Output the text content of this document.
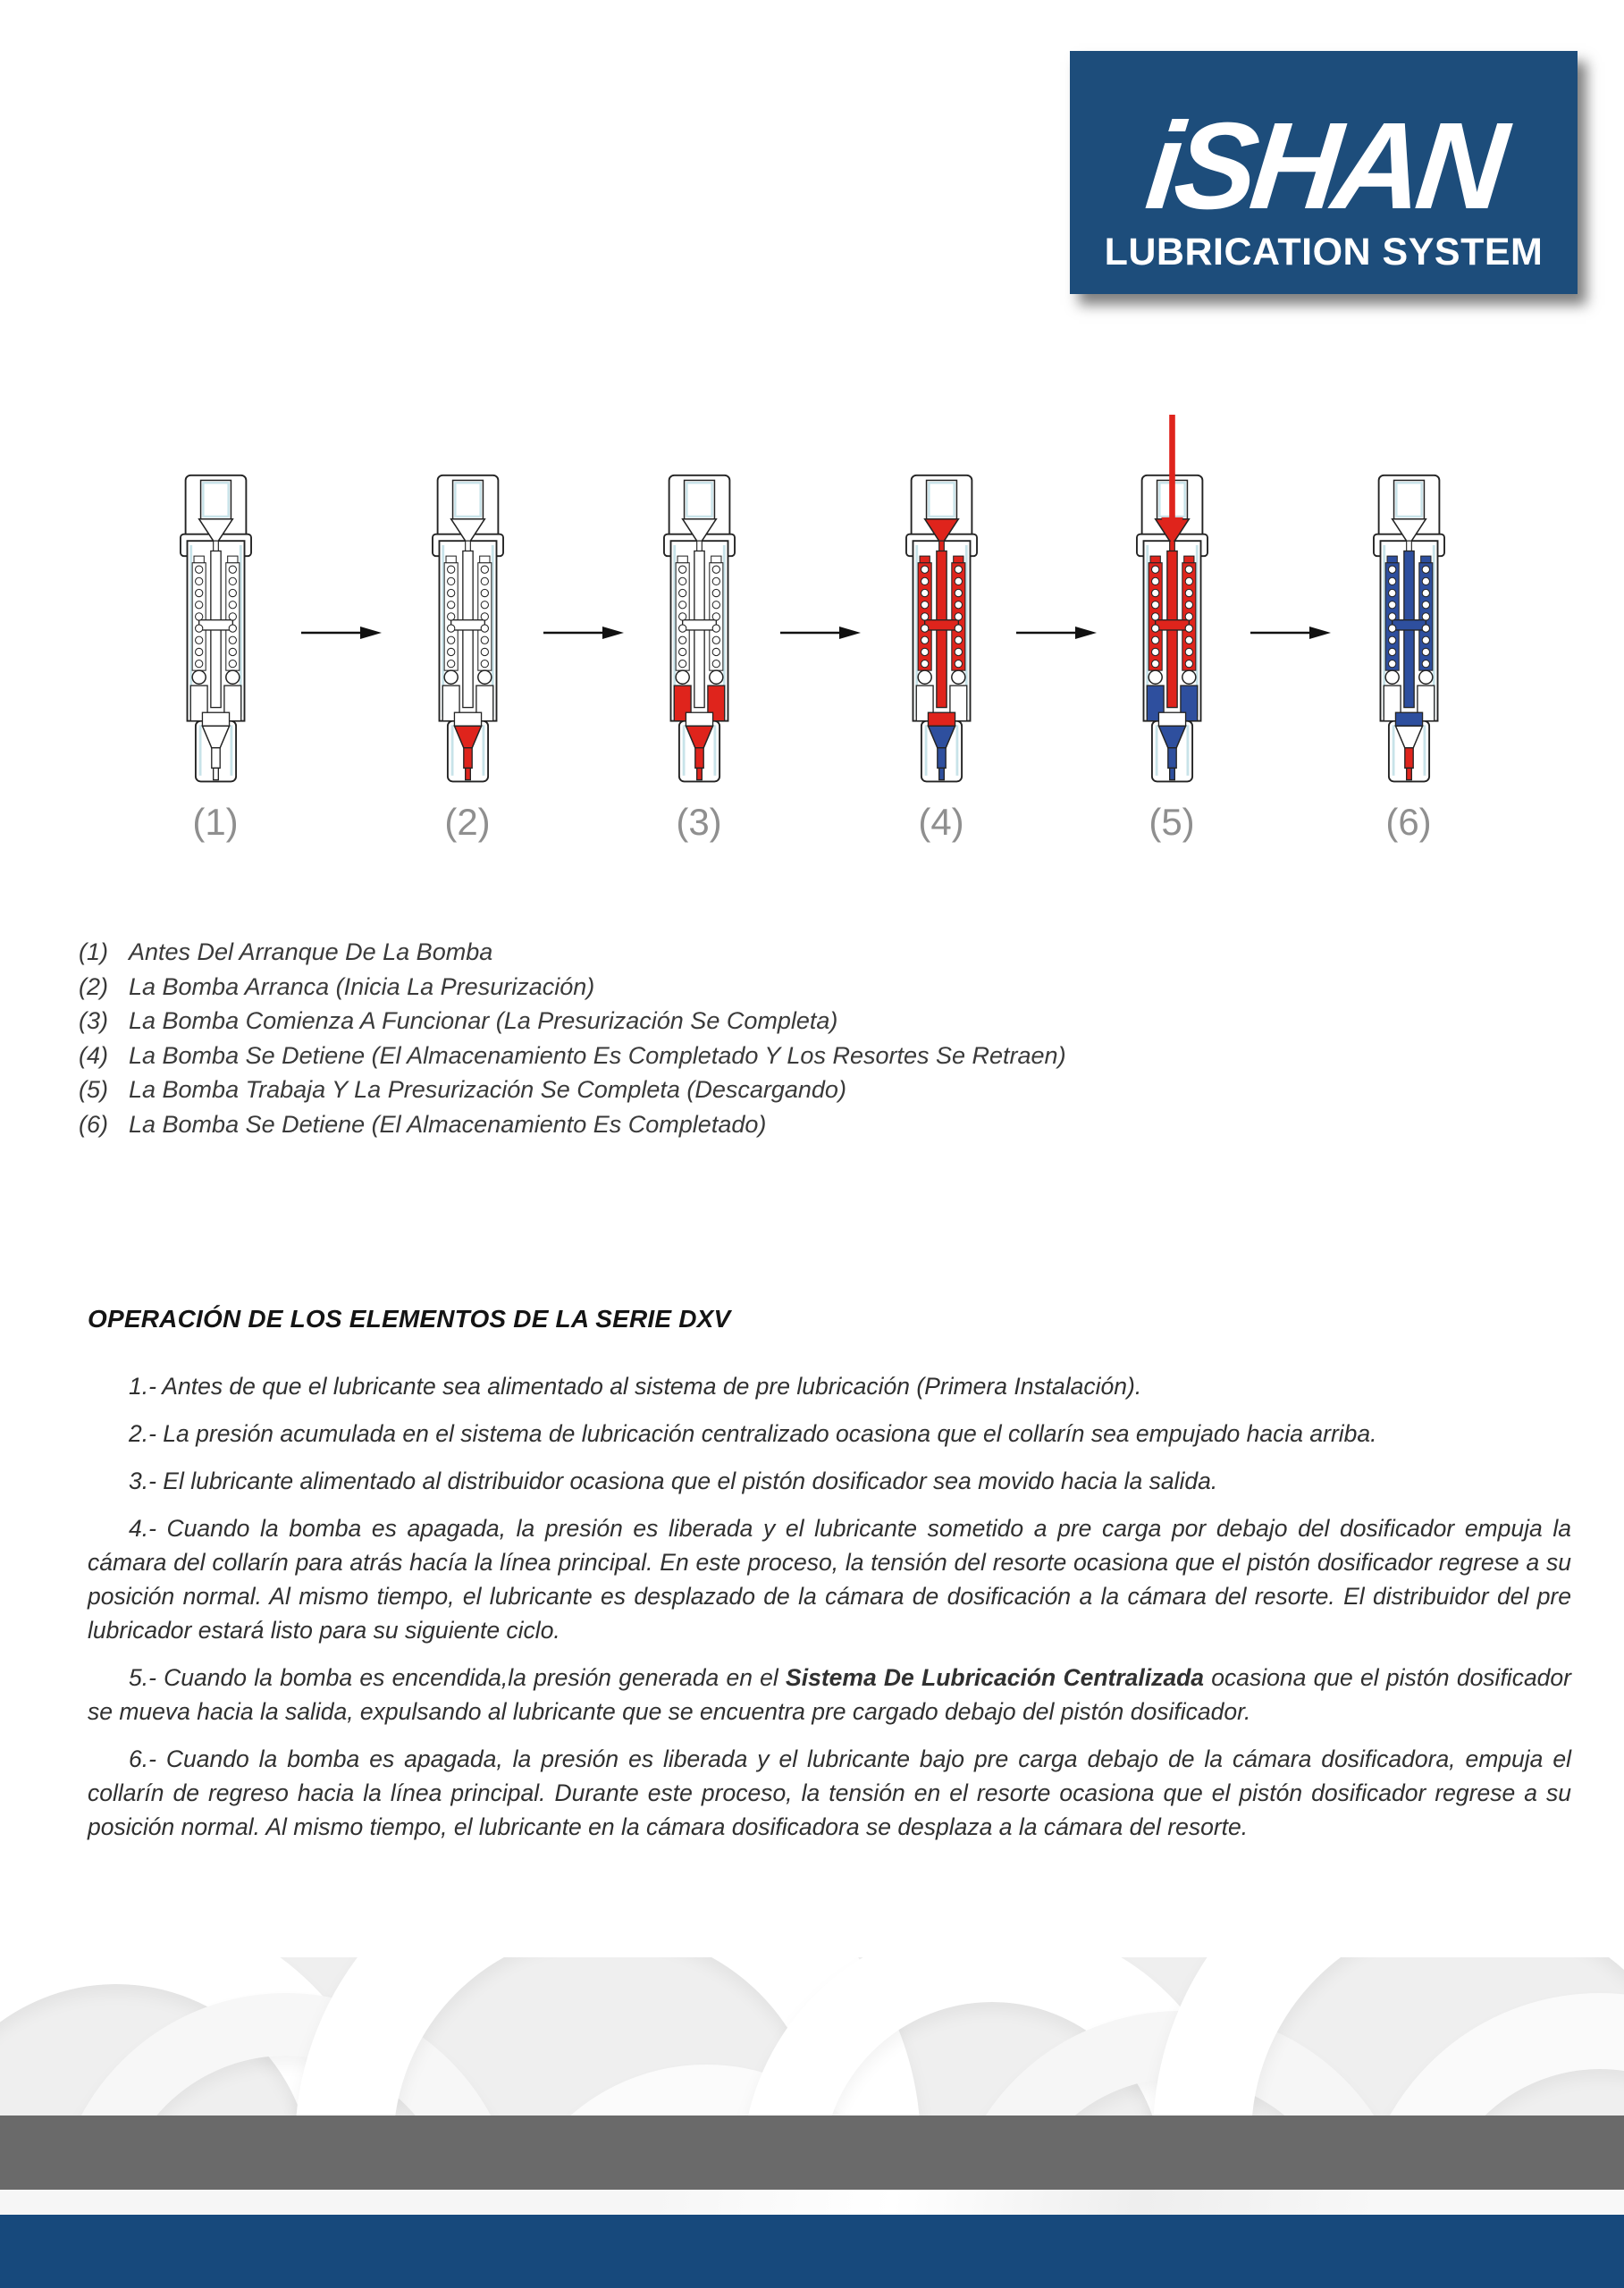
iSHAN
LUBRICATION SYSTEM
(1)	(2)	(3)	(4)	(5)	(6)
(1) Antes Del Arranque De La Bomba
(2) La Bomba Arranca (Inicia La Presurización)
(3) La Bomba Comienza A Funcionar (La Presurización Se Completa)
(4) La Bomba Se Detiene (El Almacenamiento Es Completado Y Los Resortes Se Retraen)
(5) La Bomba Trabaja Y La Presurización Se Completa (Descargando)
(6) La Bomba Se Detiene (El Almacenamiento Es Completado)
OPERACIÓN DE LOS ELEMENTOS DE LA SERIE DXV

1.- Antes de que el lubricante sea alimentado al sistema de pre lubricación (Primera Instalación).

2.- La presión acumulada en el sistema de lubricación centralizado ocasiona que el collarín sea empujado hacia arriba.

3.- El lubricante alimentado al distribuidor ocasiona que el pistón dosificador sea movido hacia la salida.

4.- Cuando la bomba es apagada, la presión es liberada y el lubricante sometido a pre carga por debajo del dosificador empuja la cámara del collarín para atrás hacía la línea principal. En este proceso, la tensión del resorte ocasiona que el pistón dosificador regrese a su posición normal. Al mismo tiempo, el lubricante es desplazado de la cámara de dosificación a la cámara del resorte. El distribuidor del pre lubricador estará listo para su siguiente ciclo.

5.- Cuando la bomba es encendida,la presión generada en el Sistema De Lubricación Centralizada ocasiona que el pistón dosificador se mueva hacia la salida, expulsando al lubricante que se encuentra pre cargado debajo del pistón dosificador.

6.- Cuando la bomba es apagada, la presión es liberada y el lubricante bajo pre carga debajo de la cámara dosificadora, empuja el collarín de regreso hacia la línea principal. Durante este proceso, la tensión en el resorte ocasiona que el pistón dosificador regrese a su posición normal. Al mismo tiempo, el lubricante en la cámara dosificadora se desplaza a la cámara del resorte.
